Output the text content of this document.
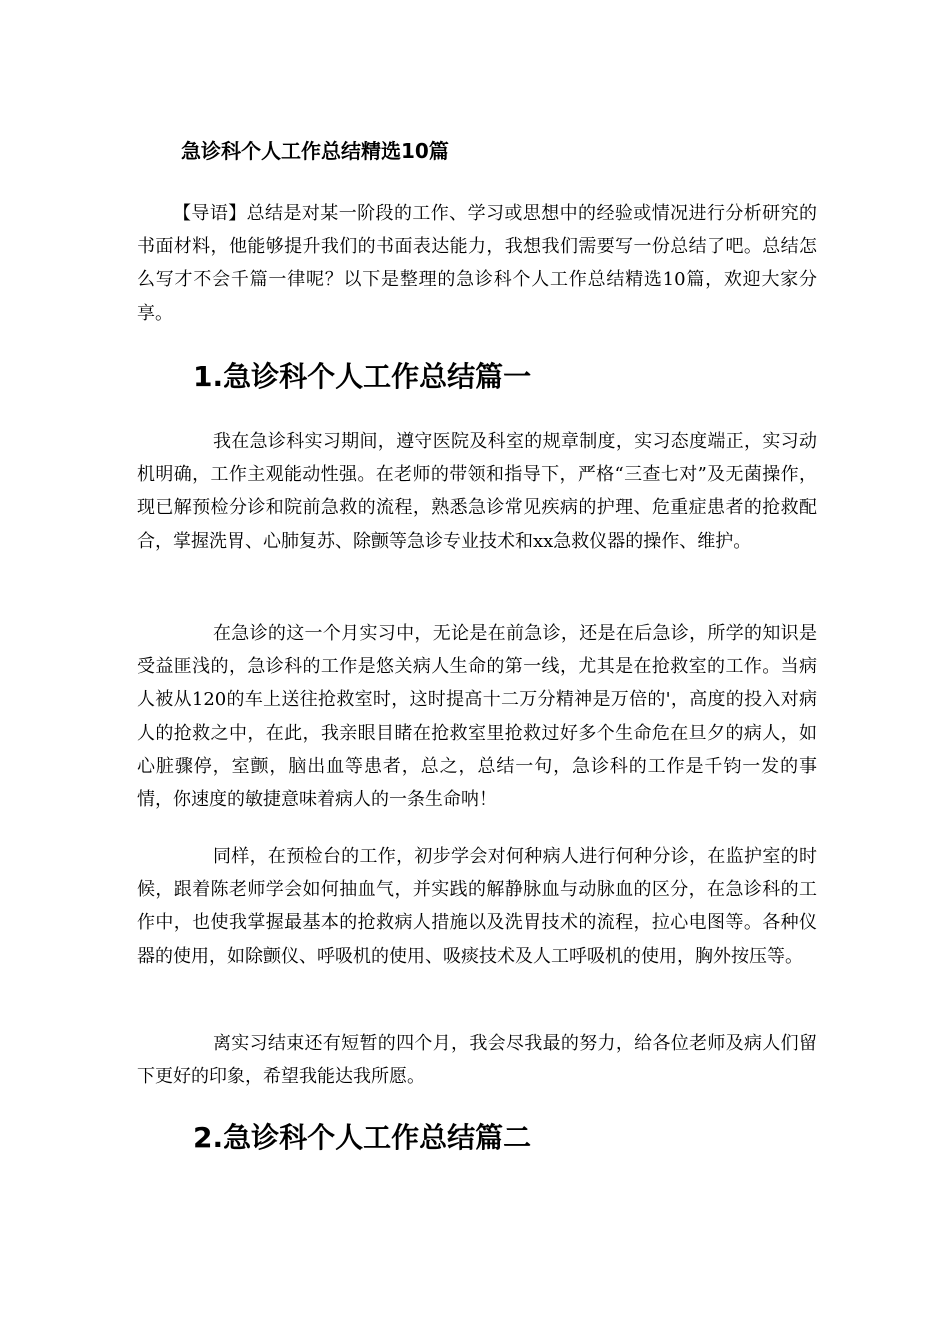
急诊科个人工作总结精选10篇

【导语】总结是对某一阶段的工作、学习或思想中的经验或情况进行分析研究的书面材料，他能够提升我们的书面表达能力，我想我们需要写一份总结了吧。总结怎么写才不会千篇一律呢？以下是整理的急诊科个人工作总结精选10篇，欢迎大家分享。

1.急诊科个人工作总结篇一

我在急诊科实习期间，遵守医院及科室的规章制度，实习态度端正，实习动机明确，工作主观能动性强。在老师的带领和指导下，严格“三查七对”及无菌操作，现已解预检分诊和院前急救的流程，熟悉急诊常见疾病的护理、危重症患者的抢救配合，掌握洗胃、心肺复苏、除颤等急诊专业技术和xx急救仪器的操作、维护。

在急诊的这一个月实习中，无论是在前急诊，还是在后急诊，所学的知识是受益匪浅的，急诊科的工作是悠关病人生命的第一线，尤其是在抢救室的工作。当病人被从120的车上送往抢救室时，这时提高十二万分精神是万倍的'，高度的投入对病人的抢救之中，在此，我亲眼目睹在抢救室里抢救过好多个生命危在旦夕的病人，如心脏骤停，室颤，脑出血等患者，总之，总结一句，急诊科的工作是千钧一发的事情，你速度的敏捷意味着病人的一条生命呐！

同样，在预检台的工作，初步学会对何种病人进行何种分诊，在监护室的时候，跟着陈老师学会如何抽血气，并实践的解静脉血与动脉血的区分，在急诊科的工作中，也使我掌握最基本的抢救病人措施以及洗胃技术的流程，拉心电图等。各种仪器的使用，如除颤仪、呼吸机的使用、吸痰技术及人工呼吸机的使用，胸外按压等。

离实习结束还有短暂的四个月，我会尽我最的努力，给各位老师及病人们留下更好的印象，希望我能达我所愿。

2.急诊科个人工作总结篇二
